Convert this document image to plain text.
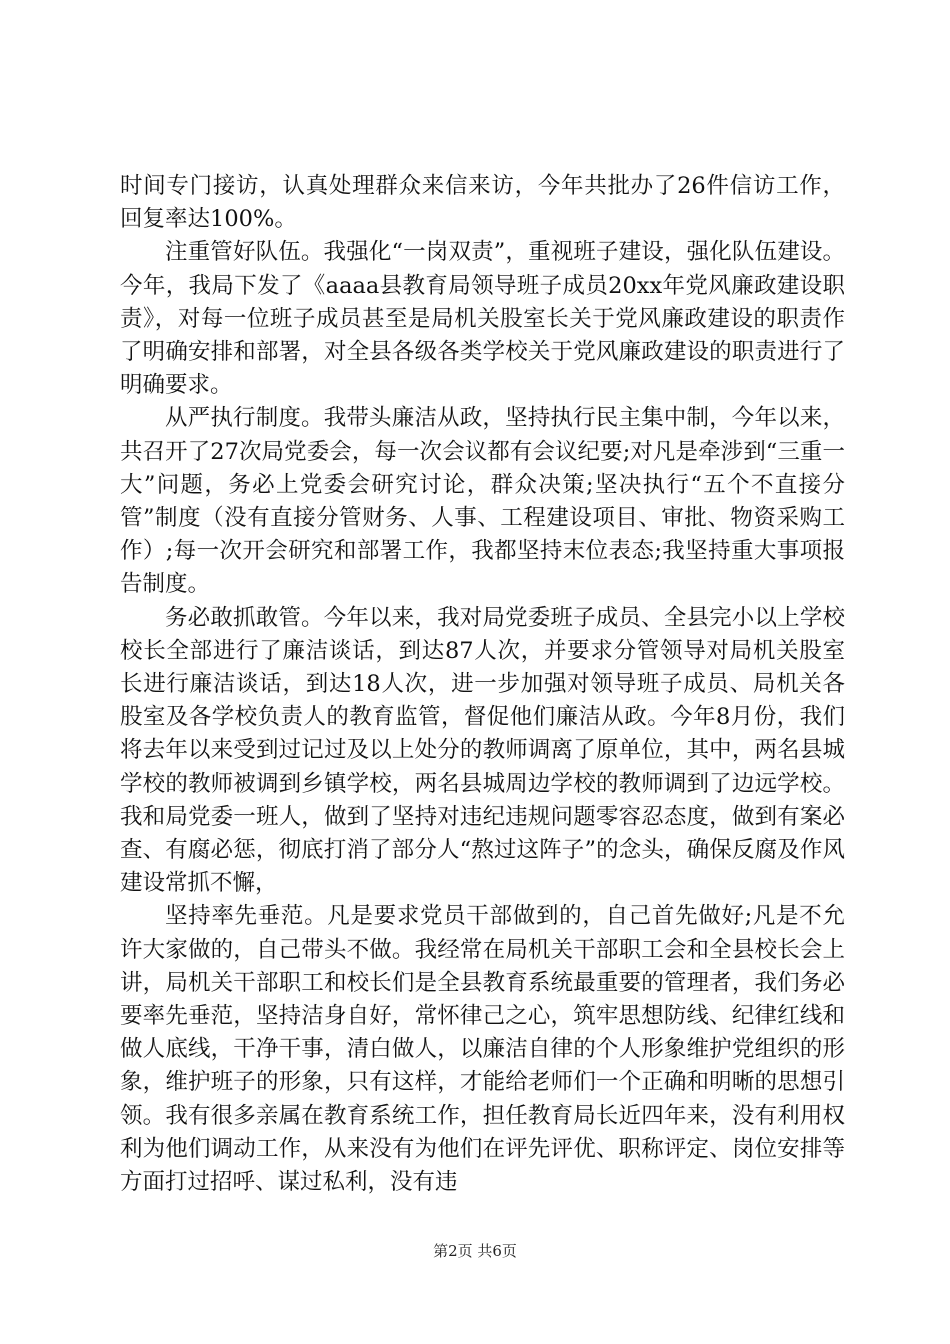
时间专门接访，认真处理群众来信来访，今年共批办了26件信访工作，回复率达100%。

注重管好队伍。我强化“一岗双责”，重视班子建设，强化队伍建设。今年，我局下发了《aaaa县教育局领导班子成员20xx年党风廉政建设职责》，对每一位班子成员甚至是局机关股室长关于党风廉政建设的职责作了明确安排和部署，对全县各级各类学校关于党风廉政建设的职责进行了明确要求。

从严执行制度。我带头廉洁从政，坚持执行民主集中制，今年以来，共召开了27次局党委会，每一次会议都有会议纪要;对凡是牵涉到“三重一大”问题，务必上党委会研究讨论，群众决策;坚决执行“五个不直接分管”制度（没有直接分管财务、人事、工程建设项目、审批、物资采购工作）;每一次开会研究和部署工作，我都坚持末位表态;我坚持重大事项报告制度。

务必敢抓敢管。今年以来，我对局党委班子成员、全县完小以上学校校长全部进行了廉洁谈话，到达87人次，并要求分管领导对局机关股室长进行廉洁谈话，到达18人次，进一步加强对领导班子成员、局机关各股室及各学校负责人的教育监管，督促他们廉洁从政。今年8月份，我们将去年以来受到过记过及以上处分的教师调离了原单位，其中，两名县城学校的教师被调到乡镇学校，两名县城周边学校的教师调到了边远学校。我和局党委一班人，做到了坚持对违纪违规问题零容忍态度，做到有案必查、有腐必惩，彻底打消了部分人“熬过这阵子”的念头，确保反腐及作风建设常抓不懈，

坚持率先垂范。凡是要求党员干部做到的，自己首先做好;凡是不允许大家做的，自己带头不做。我经常在局机关干部职工会和全县校长会上讲，局机关干部职工和校长们是全县教育系统最重要的管理者，我们务必要率先垂范，坚持洁身自好，常怀律己之心，筑牢思想防线、纪律红线和做人底线，干净干事，清白做人，以廉洁自律的个人形象维护党组织的形象，维护班子的形象，只有这样，才能给老师们一个正确和明晰的思想引领。我有很多亲属在教育系统工作，担任教育局长近四年来，没有利用权利为他们调动工作，从来没有为他们在评先评优、职称评定、岗位安排等方面打过招呼、谋过私利，没有违

第2页 共6页
